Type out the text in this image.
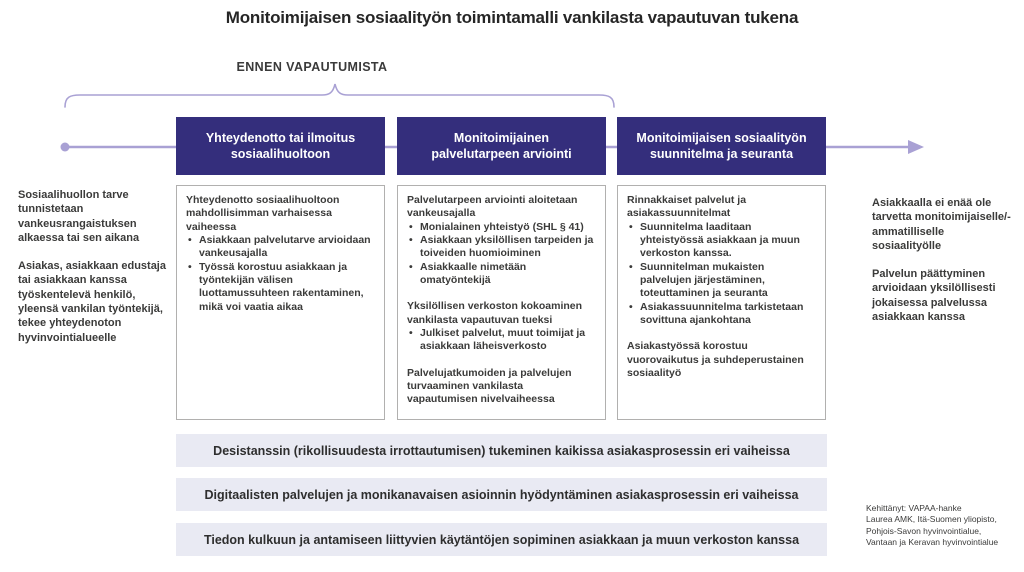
Monitoimijaisen sosiaalityön toimintamalli vankilasta vapautuvan tukena
ENNEN VAPAUTUMISTA

Sosiaalihuollon tarve tunnistetaan vankeusrangaistuksen alkaessa tai sen aikana

Asiakas, asiakkaan edustaja tai asiakkaan kanssa työskentelevä henkilö, yleensä vankilan työntekijä, tekee yhteydenoton hyvinvointialueelle

Yhteydenotto tai ilmoitus sosiaalihuoltoon
Monitoimijainen palvelutarpeen arviointi
Monitoimijaisen sosiaalityön suunnitelma ja seuranta
Yhteydenotto sosiaalihuoltoon mahdollisimman varhaisessa vaiheessa
• Asiakkaan palvelutarve arvioidaan vankeusajalla
• Työssä korostuu asiakkaan ja työntekijän välisen luottamussuhteen rakentaminen, mikä voi vaatia aikaa
Palvelutarpeen arviointi aloitetaan vankeusajalla
• Monialainen yhteistyö (SHL § 41)
• Asiakkaan yksilöllisen tarpeiden ja toiveiden huomioiminen
• Asiakkaalle nimetään omatyöntekijä
Yksilöllisen verkoston kokoaminen vankilasta vapautuvan tueksi
• Julkiset palvelut, muut toimijat ja asiakkaan läheisverkosto
Palvelujatkumoiden ja palvelujen turvaaminen vankilasta vapautumisen nivelvaiheessa
Rinnakkaiset palvelut ja asiakassuunnitelmat
• Suunnitelma laaditaan yhteistyössä asiakkaan ja muun verkoston kanssa.
• Suunnitelman mukaisten palvelujen järjestäminen, toteuttaminen ja seuranta
• Asiakassuunnitelma tarkistetaan sovittuna ajankohtana
Asiakastyössä korostuu vuorovaikutus ja suhdeperustainen sosiaalityö

Asiakkaalla ei enää ole tarvetta monitoimijaiselle/-ammatilliselle sosiaalityölle

Palvelun päättyminen arvioidaan yksilöllisesti jokaisessa palvelussa asiakkaan kanssa

Desistanssin (rikollisuudesta irrottautumisen) tukeminen kaikissa asiakasprosessin eri vaiheissa
Digitaalisten palvelujen ja monikanavaisen asioinnin hyödyntäminen asiakasprosessin eri vaiheissa
Tiedon kulkuun ja antamiseen liittyvien käytäntöjen sopiminen asiakkaan ja muun verkoston kanssa
Kehittänyt: VAPAA-hanke
Laurea AMK, Itä-Suomen yliopisto,
Pohjois-Savon hyvinvointialue,
Vantaan ja Keravan hyvinvointialue
